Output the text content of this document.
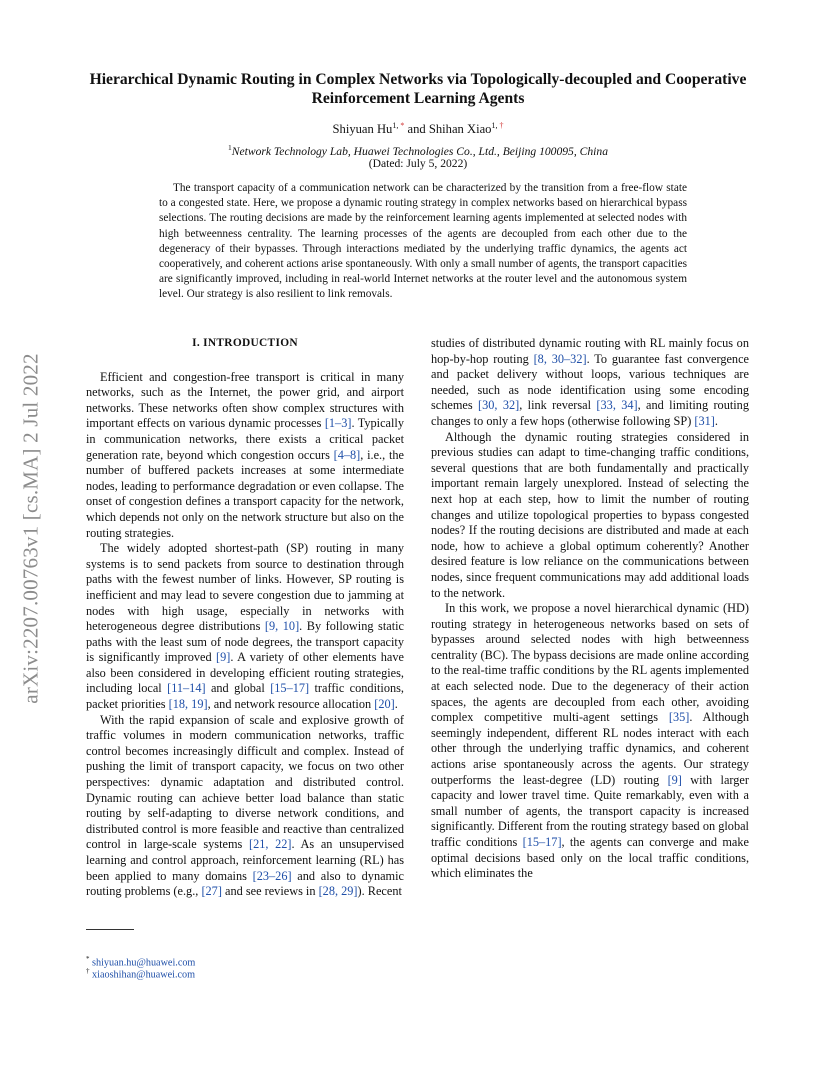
arXiv:2207.00763v1 [cs.MA] 2 Jul 2022
Hierarchical Dynamic Routing in Complex Networks via Topologically-decoupled and Cooperative Reinforcement Learning Agents
Shiyuan $Hu^{1, *}$ and Shihan Xiao$^{1, \dagger}$
$^1$Network Technology Lab, Huawei Technologies Co., Ltd., Beijing 100095, China
(Dated: July 5, 2022)

The transport capacity of a communication network can be characterized by the transition from a free-flow state to a congested state. Here, we propose a dynamic routing strategy in complex networks based on hierarchical bypass selections. The routing decisions are made by the reinforcement learning agents implemented at selected nodes with high betweenness centrality. The learning processes of the agents are decoupled from each other due to the degeneracy of their bypasses. Through interactions mediated by the underlying traffic dynamics, the agents act cooperatively, and coherent actions arise spontaneously. With only a small number of agents, the transport capacities are significantly improved, including in real-world Internet networks at the router level and the autonomous system level. Our strategy is also resilient to link removals.

I. INTRODUCTION

Efficient and congestion-free transport is critical in many networks, such as the Internet, the power grid, and airport networks. These networks often show complex structures with important effects on various dynamic processes [1–3]. Typically in communication networks, there exists a critical packet generation rate, beyond which congestion occurs [4–8], i.e., the number of buffered packets increases at some intermediate nodes, leading to performance degradation or even collapse. The onset of congestion defines a transport capacity for the network, which depends not only on the network structure but also on the routing strategies.

The widely adopted shortest-path (SP) routing in many systems is to send packets from source to destination through paths with the fewest number of links. However, SP routing is inefficient and may lead to severe congestion due to jamming at nodes with high usage, especially in networks with heterogeneous degree distributions [9, 10]. By following static paths with the least sum of node degrees, the transport capacity is significantly improved [9]. A variety of other elements have also been considered in developing efficient routing strategies, including local [11–14] and global [15–17] traffic conditions, packet priorities [18, 19], and network resource allocation [20].

With the rapid expansion of scale and explosive growth of traffic volumes in modern communication networks, traffic control becomes increasingly difficult and complex. Instead of pushing the limit of transport capacity, we focus on two other perspectives: dynamic adaptation and distributed control. Dynamic routing can achieve better load balance than static routing by self-adapting to diverse network conditions, and distributed control is more feasible and reactive than centralized control in large-scale systems [21, 22]. As an unsupervised learning and control approach, reinforcement learning (RL) has been applied to many domains [23–26] and also to dynamic routing problems (e.g., [27] and see reviews in [28, 29]). Recent

studies of distributed dynamic routing with RL mainly focus on hop-by-hop routing [8, 30–32]. To guarantee fast convergence and packet delivery without loops, various techniques are needed, such as node identification using some encoding schemes [30, 32], link reversal [33, 34], and limiting routing changes to only a few hops (otherwise following SP) [31].

Although the dynamic routing strategies considered in previous studies can adapt to time-changing traffic conditions, several questions that are both fundamentally and practically important remain largely unexplored. Instead of selecting the next hop at each step, how to limit the number of routing changes and utilize topological properties to bypass congested nodes? If the routing decisions are distributed and made at each node, how to achieve a global optimum coherently? Another desired feature is low reliance on the communications between nodes, since frequent communications may add additional loads to the network.

In this work, we propose a novel hierarchical dynamic (HD) routing strategy in heterogeneous networks based on sets of bypasses around selected nodes with high betweenness centrality (BC). The bypass decisions are made online according to the real-time traffic conditions by the RL agents implemented at each selected node. Due to the degeneracy of their action spaces, the agents are decoupled from each other, avoiding complex competitive multi-agent settings [35]. Although seemingly independent, different RL nodes interact with each other through the underlying traffic dynamics, and coherent actions arise spontaneously across the agents. Our strategy outperforms the least-degree (LD) routing [9] with larger capacity and lower travel time. Quite remarkably, even with a small number of agents, the transport capacity is increased significantly. Different from the routing strategy based on global traffic conditions [15–17], the agents can converge and make optimal decisions based only on the local traffic conditions, which eliminates the

* shiyuan.hu@huawei.com
† xiaoshihan@huawei.com
